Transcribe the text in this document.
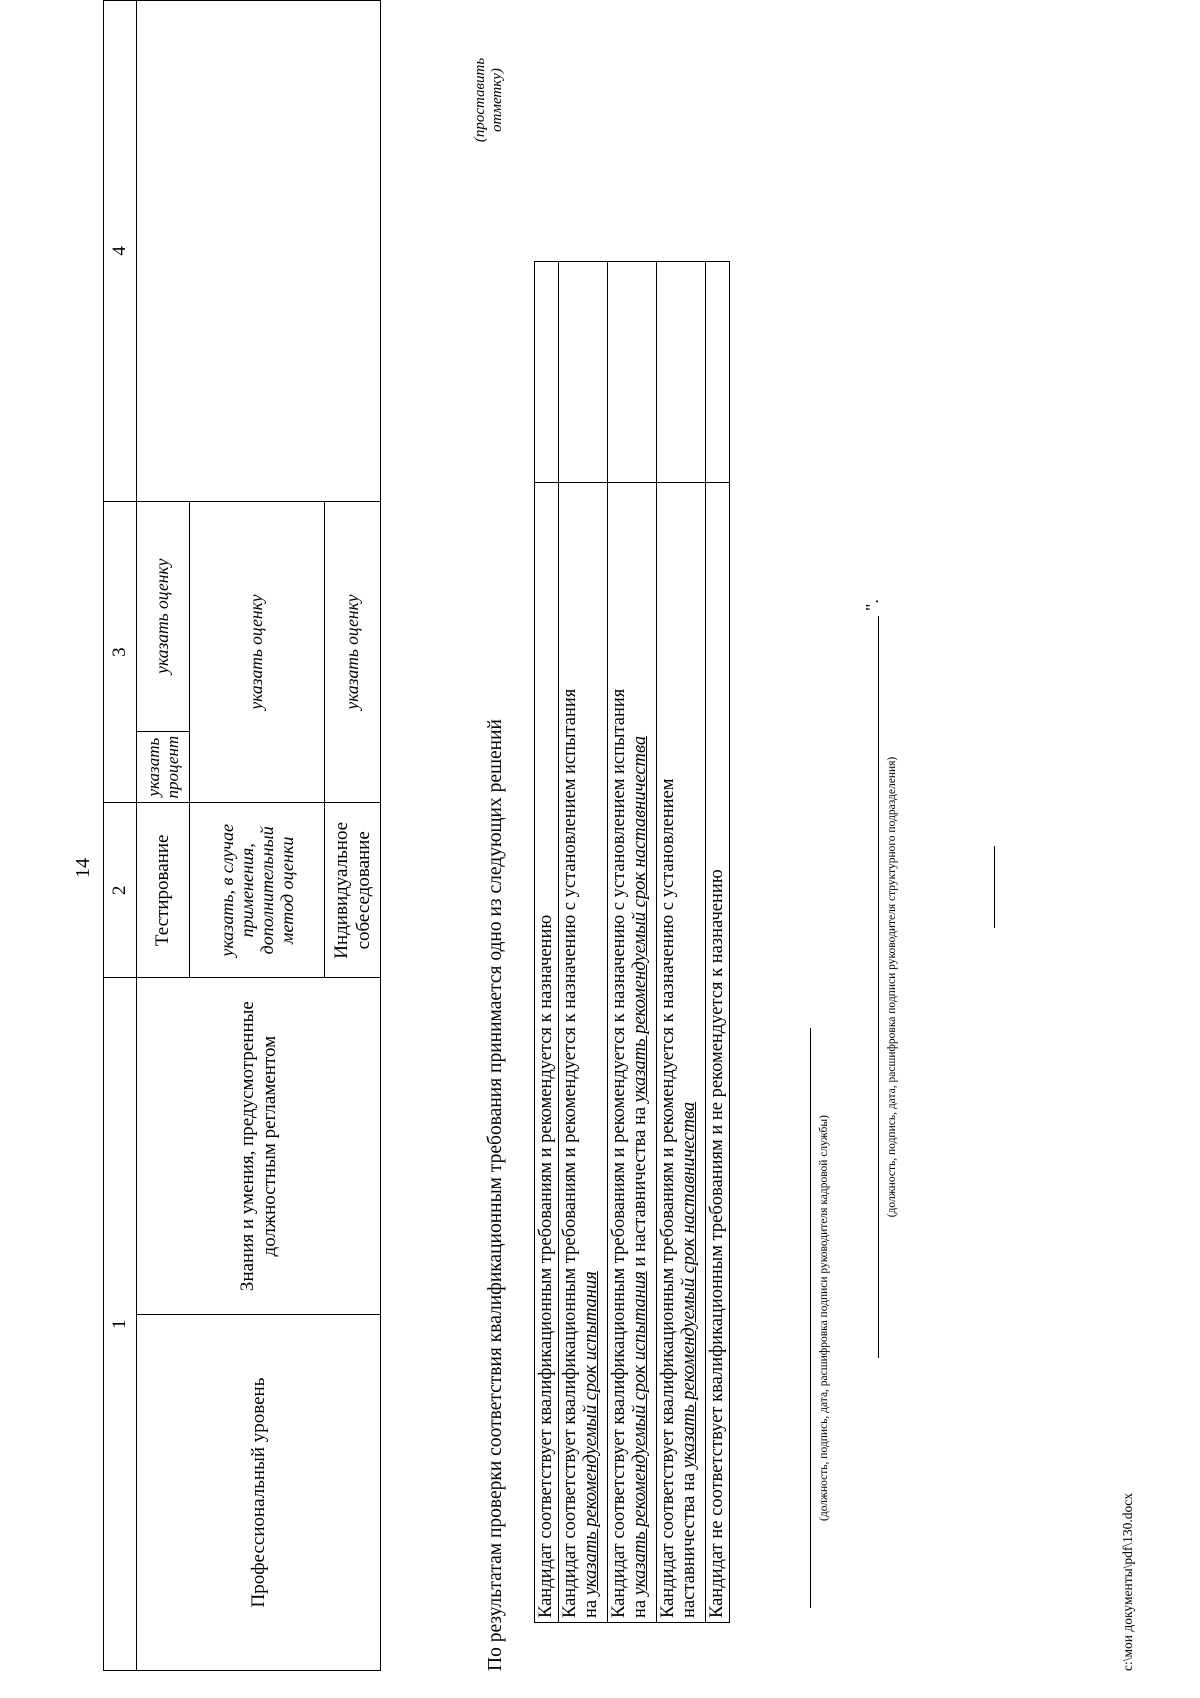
14
1		2	3		4
Профессиональный уровень	Знания и умения, предусмотренные должностным регламентом	Тестирование	указать процент	указать оценку	
		указать, в случае применения, дополнительный метод оценки	указать оценку		
		Индивидуальное собеседование	указать оценку		
По результатам проверки соответствия квалификационным требования принимается одно из следующих решений
(проставить отметку)
Кандидат соответствует квалификационным требованиям и рекомендуется к назначению	

Кандидат соответствует квалификационным требованиям и рекомендуется к назначению с установлением испытания на указать рекомендуемый срок испытания	

Кандидат соответствует квалификационным требованиям и рекомендуется к назначению с установлением испытания на указать рекомендуемый срок испытания и наставничества на указать рекомендуемый срок наставничества	

Кандидат соответствует квалификационным требованиям и рекомендуется к назначению с установлением наставничества на указать рекомендуемый срок наставничества	

Кандидат не соответствует квалификационным требованиям и не рекомендуется к назначению		(должность, подпись, дата, расшифровка подписи руководителя кадровой службы)
(должность, подпись, дата, расшифровка подписи руководителя структурного подразделения)
".
c:\мои документы\pdf\130.docx
